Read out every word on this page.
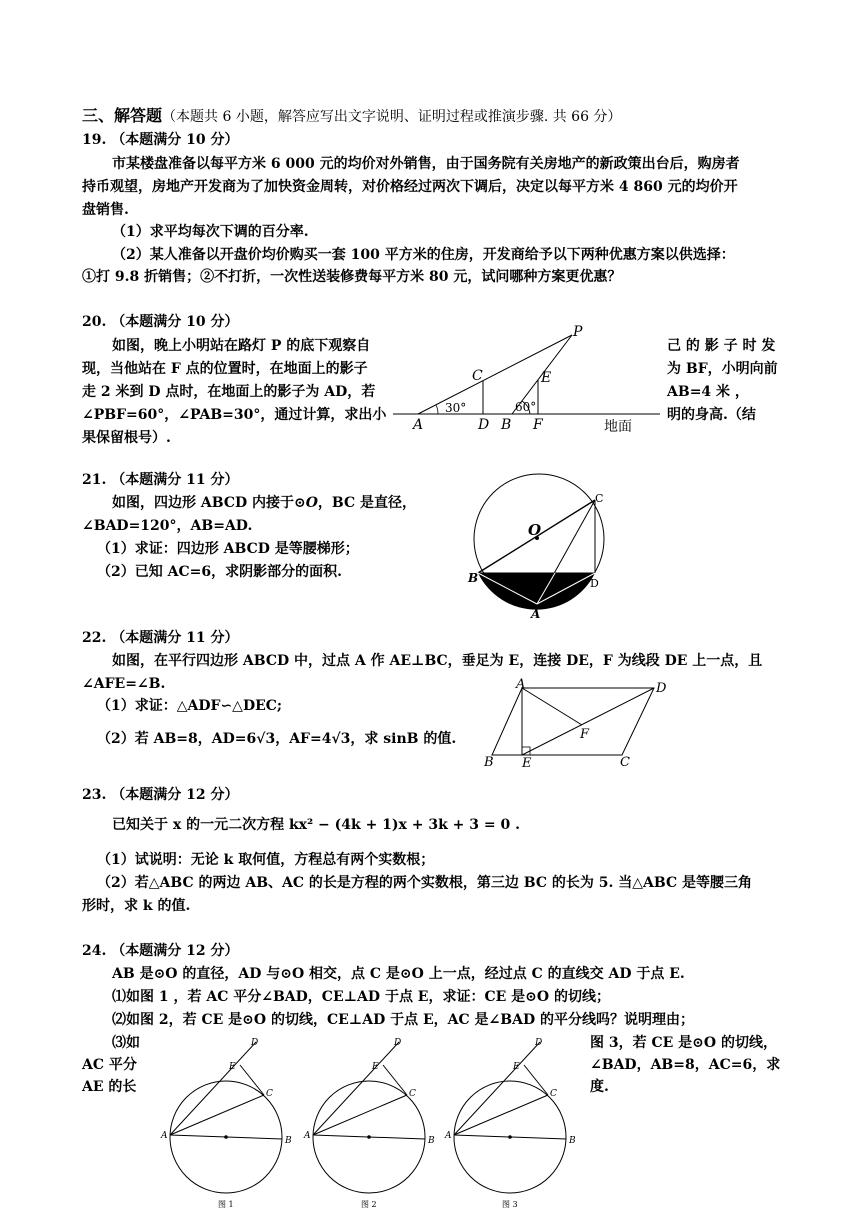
三、解答题（本题共 6 小题，解答应写出文字说明、证明过程或推演步骤. 共 66 分）
19. （本题满分 10 分）
市某楼盘准备以每平方米 6 000 元的均价对外销售，由于国务院有关房地产的新政策出台后，购房者
持币观望，房地产开发商为了加快资金周转，对价格经过两次下调后，决定以每平方米 4 860 元的均价开
盘销售.
（1）求平均每次下调的百分率.
（2）某人准备以开盘价均价购买一套 100 平方米的住房，开发商给予以下两种优惠方案以供选择：
①打 9.8 折销售；②不打折，一次性送装修费每平方米 80 元，试问哪种方案更优惠？
20. （本题满分 10 分）
如图，晚上小明站在路灯 P 的底下观察自
现，当他站在 F 点的位置时，在地面上的影子
走 2 米到 D 点时，在地面上的影子为 AD，若
∠PBF=60°，∠PAB=30°，通过计算，求出小
果保留根号）.
己 的 影 子 时 发
为 BF，小明向前
AB=4 米 ，
明的身高.（结
P
C	E
30°	60°
A	D B F	地面
21. （本题满分 11 分）
如图，四边形 ABCD 内接于⊙O，BC 是直径，
∠BAD=120°，AB=AD.
（1）求证：四边形 ABCD 是等腰梯形；
（2）已知 AC=6，求阴影部分的面积.
O
C
B	D
A
22. （本题满分 11 分）
如图，在平行四边形 ABCD 中，过点 A 作 AE⊥BC，垂足为 E，连接 DE，F 为线段 DE 上一点，且
∠AFE=∠B.
（1）求证：△ADF∽△DEC;
（2）若 AB=8，AD=6√3，AF=4√3，求 sinB 的值.
A	D
F
B E	C
23. （本题满分 12 分）
已知关于 x 的一元二次方程 kx² − (4k + 1)x + 3k + 3 = 0 .
（1）试说明：无论 k 取何值，方程总有两个实数根；
（2）若△ABC 的两边 AB、AC 的长是方程的两个实数根，第三边 BC 的长为 5. 当△ABC 是等腰三角
形时，求 k 的值.
24. （本题满分 12 分）
AB 是⊙O 的直径，AD 与⊙O 相交，点 C 是⊙O 上一点，经过点 C 的直线交 AD 于点 E.
⑴如图 1 ，若 AC 平分∠BAD，CE⊥AD 于点 E，求证：CE 是⊙O 的切线；
⑵如图 2，若 CE 是⊙O 的切线，CE⊥AD 于点 E，AC 是∠BAD 的平分线吗？说明理由；
⑶如
AC 平分
AE 的长
图 3，若 CE 是⊙O 的切线，
∠BAD，AB=8，AC=6，求
度.
D
E
C
A	B
图 1
D
E
C
A	B
图 2
D
E
C
A	B
图 3
